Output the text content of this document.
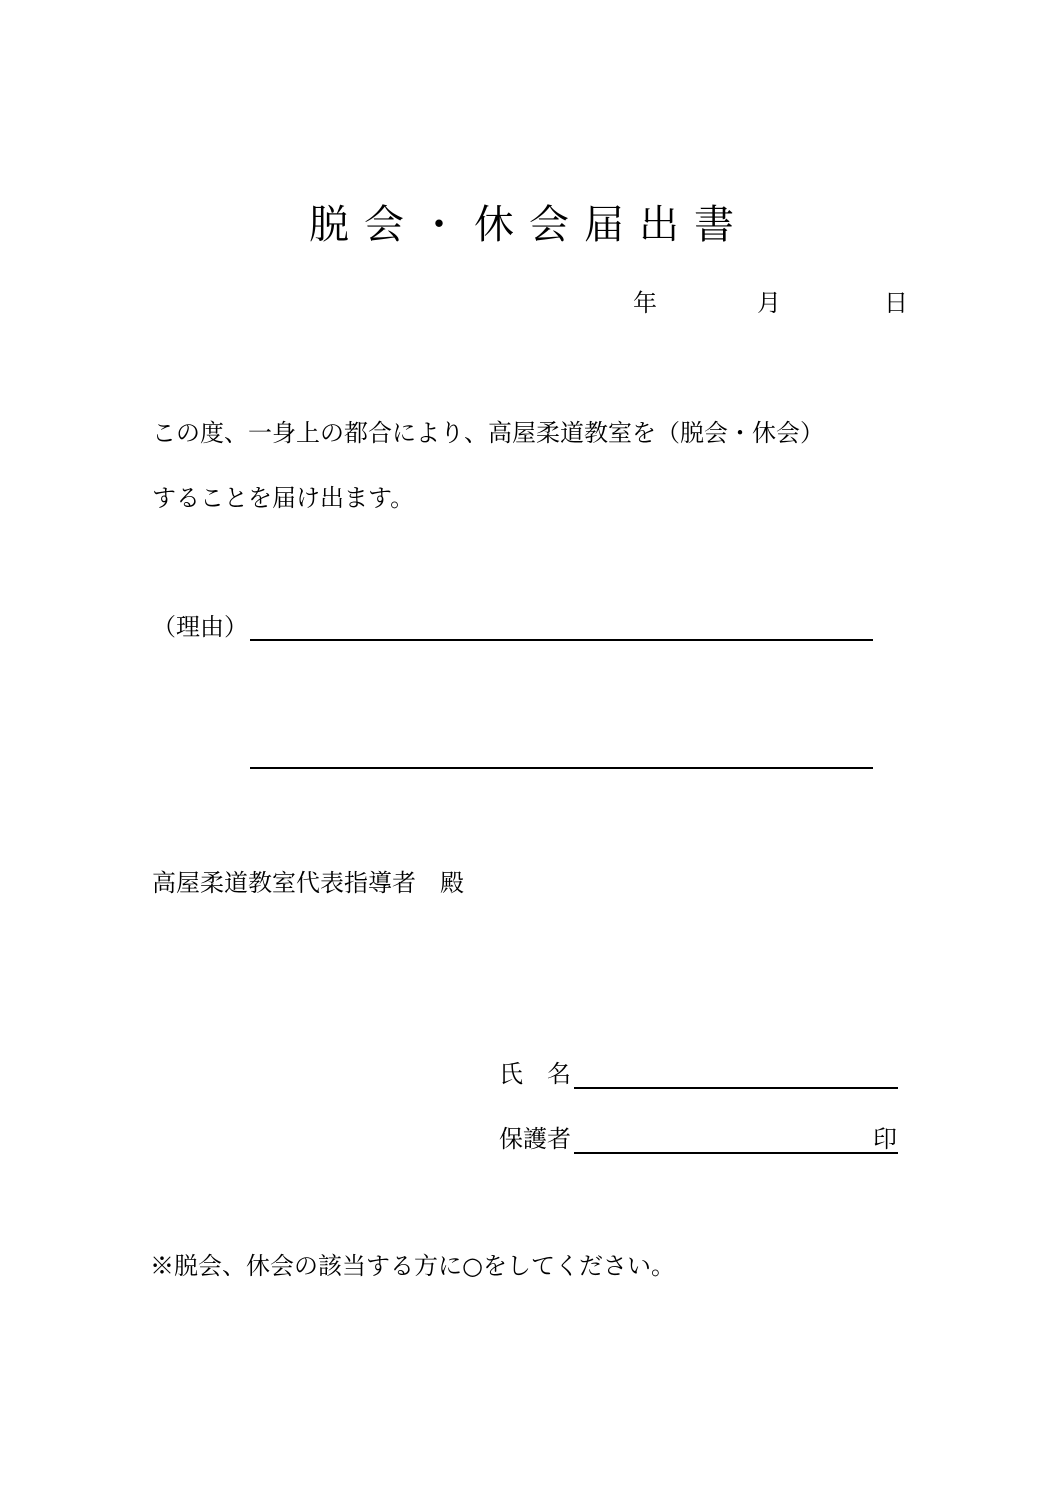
脱会・休会届出書
年	月	日
この度、一身上の都合により、高屋柔道教室を（脱会・休会）
することを届け出ます。
（理由）
高屋柔道教室代表指導者　殿
氏名
保護者	印
※脱会、休会の該当する方に○をしてください。
